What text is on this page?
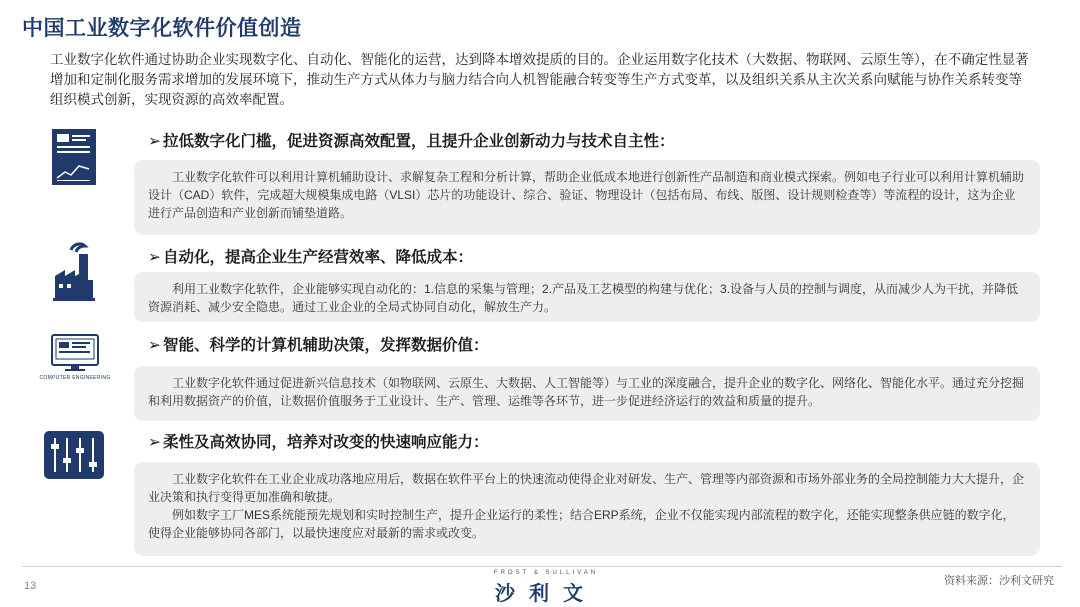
中国工业数字化软件价值创造
工业数字化软件通过协助企业实现数字化、自动化、智能化的运营，达到降本增效提质的目的。企业运用数字化技术（大数据、物联网、云原生等），在不确定性显著增加和定制化服务需求增加的发展环境下，推动生产方式从体力与脑力结合向人机智能融合转变等生产方式变革，以及组织关系从主次关系向赋能与协作关系转变等组织模式创新，实现资源的高效率配置。
➢ 拉低数字化门槛，促进资源高效配置，且提升企业创新动力与技术自主性：

工业数字化软件可以利用计算机辅助设计、求解复杂工程和分析计算，帮助企业低成本地进行创新性产品制造和商业模式探索。例如电子行业可以利用计算机辅助设计（CAD）软件，完成超大规模集成电路（VLSI）芯片的功能设计、综合、验证、物理设计（包括布局、布线、版图、设计规则检查等）等流程的设计，这为企业进行产品创造和产业创新而铺垫道路。

➢ 自动化，提高企业生产经营效率、降低成本：

利用工业数字化软件，企业能够实现自动化的：1.信息的采集与管理；2.产品及工艺模型的构建与优化；3.设备与人员的控制与调度，从而减少人为干扰，并降低资源消耗、减少安全隐患。通过工业企业的全局式协同自动化，解放生产力。

COMPUTER ENGINEERING
➢ 智能、科学的计算机辅助决策，发挥数据价值：

工业数字化软件通过促进新兴信息技术（如物联网、云原生、大数据、人工智能等）与工业的深度融合，提升企业的数字化、网络化、智能化水平。通过充分挖掘和利用数据资产的价值，让数据价值服务于工业设计、生产、管理、运维等各环节，进一步促进经济运行的效益和质量的提升。

➢ 柔性及高效协同，培养对改变的快速响应能力：

工业数字化软件在工业企业成功落地应用后，数据在软件平台上的快速流动使得企业对研发、生产、管理等内部资源和市场外部业务的全局控制能力大大提升，企业决策和执行变得更加准确和敏捷。

例如数字工厂MES系统能预先规划和实时控制生产，提升企业运行的柔性；结合ERP系统，企业不仅能实现内部流程的数字化，还能实现整条供应链的数字化，使得企业能够协同各部门，以最快速度应对最新的需求或改变。

13
FROST & SULLIVAN
沙利文
资料来源：沙利文研究
